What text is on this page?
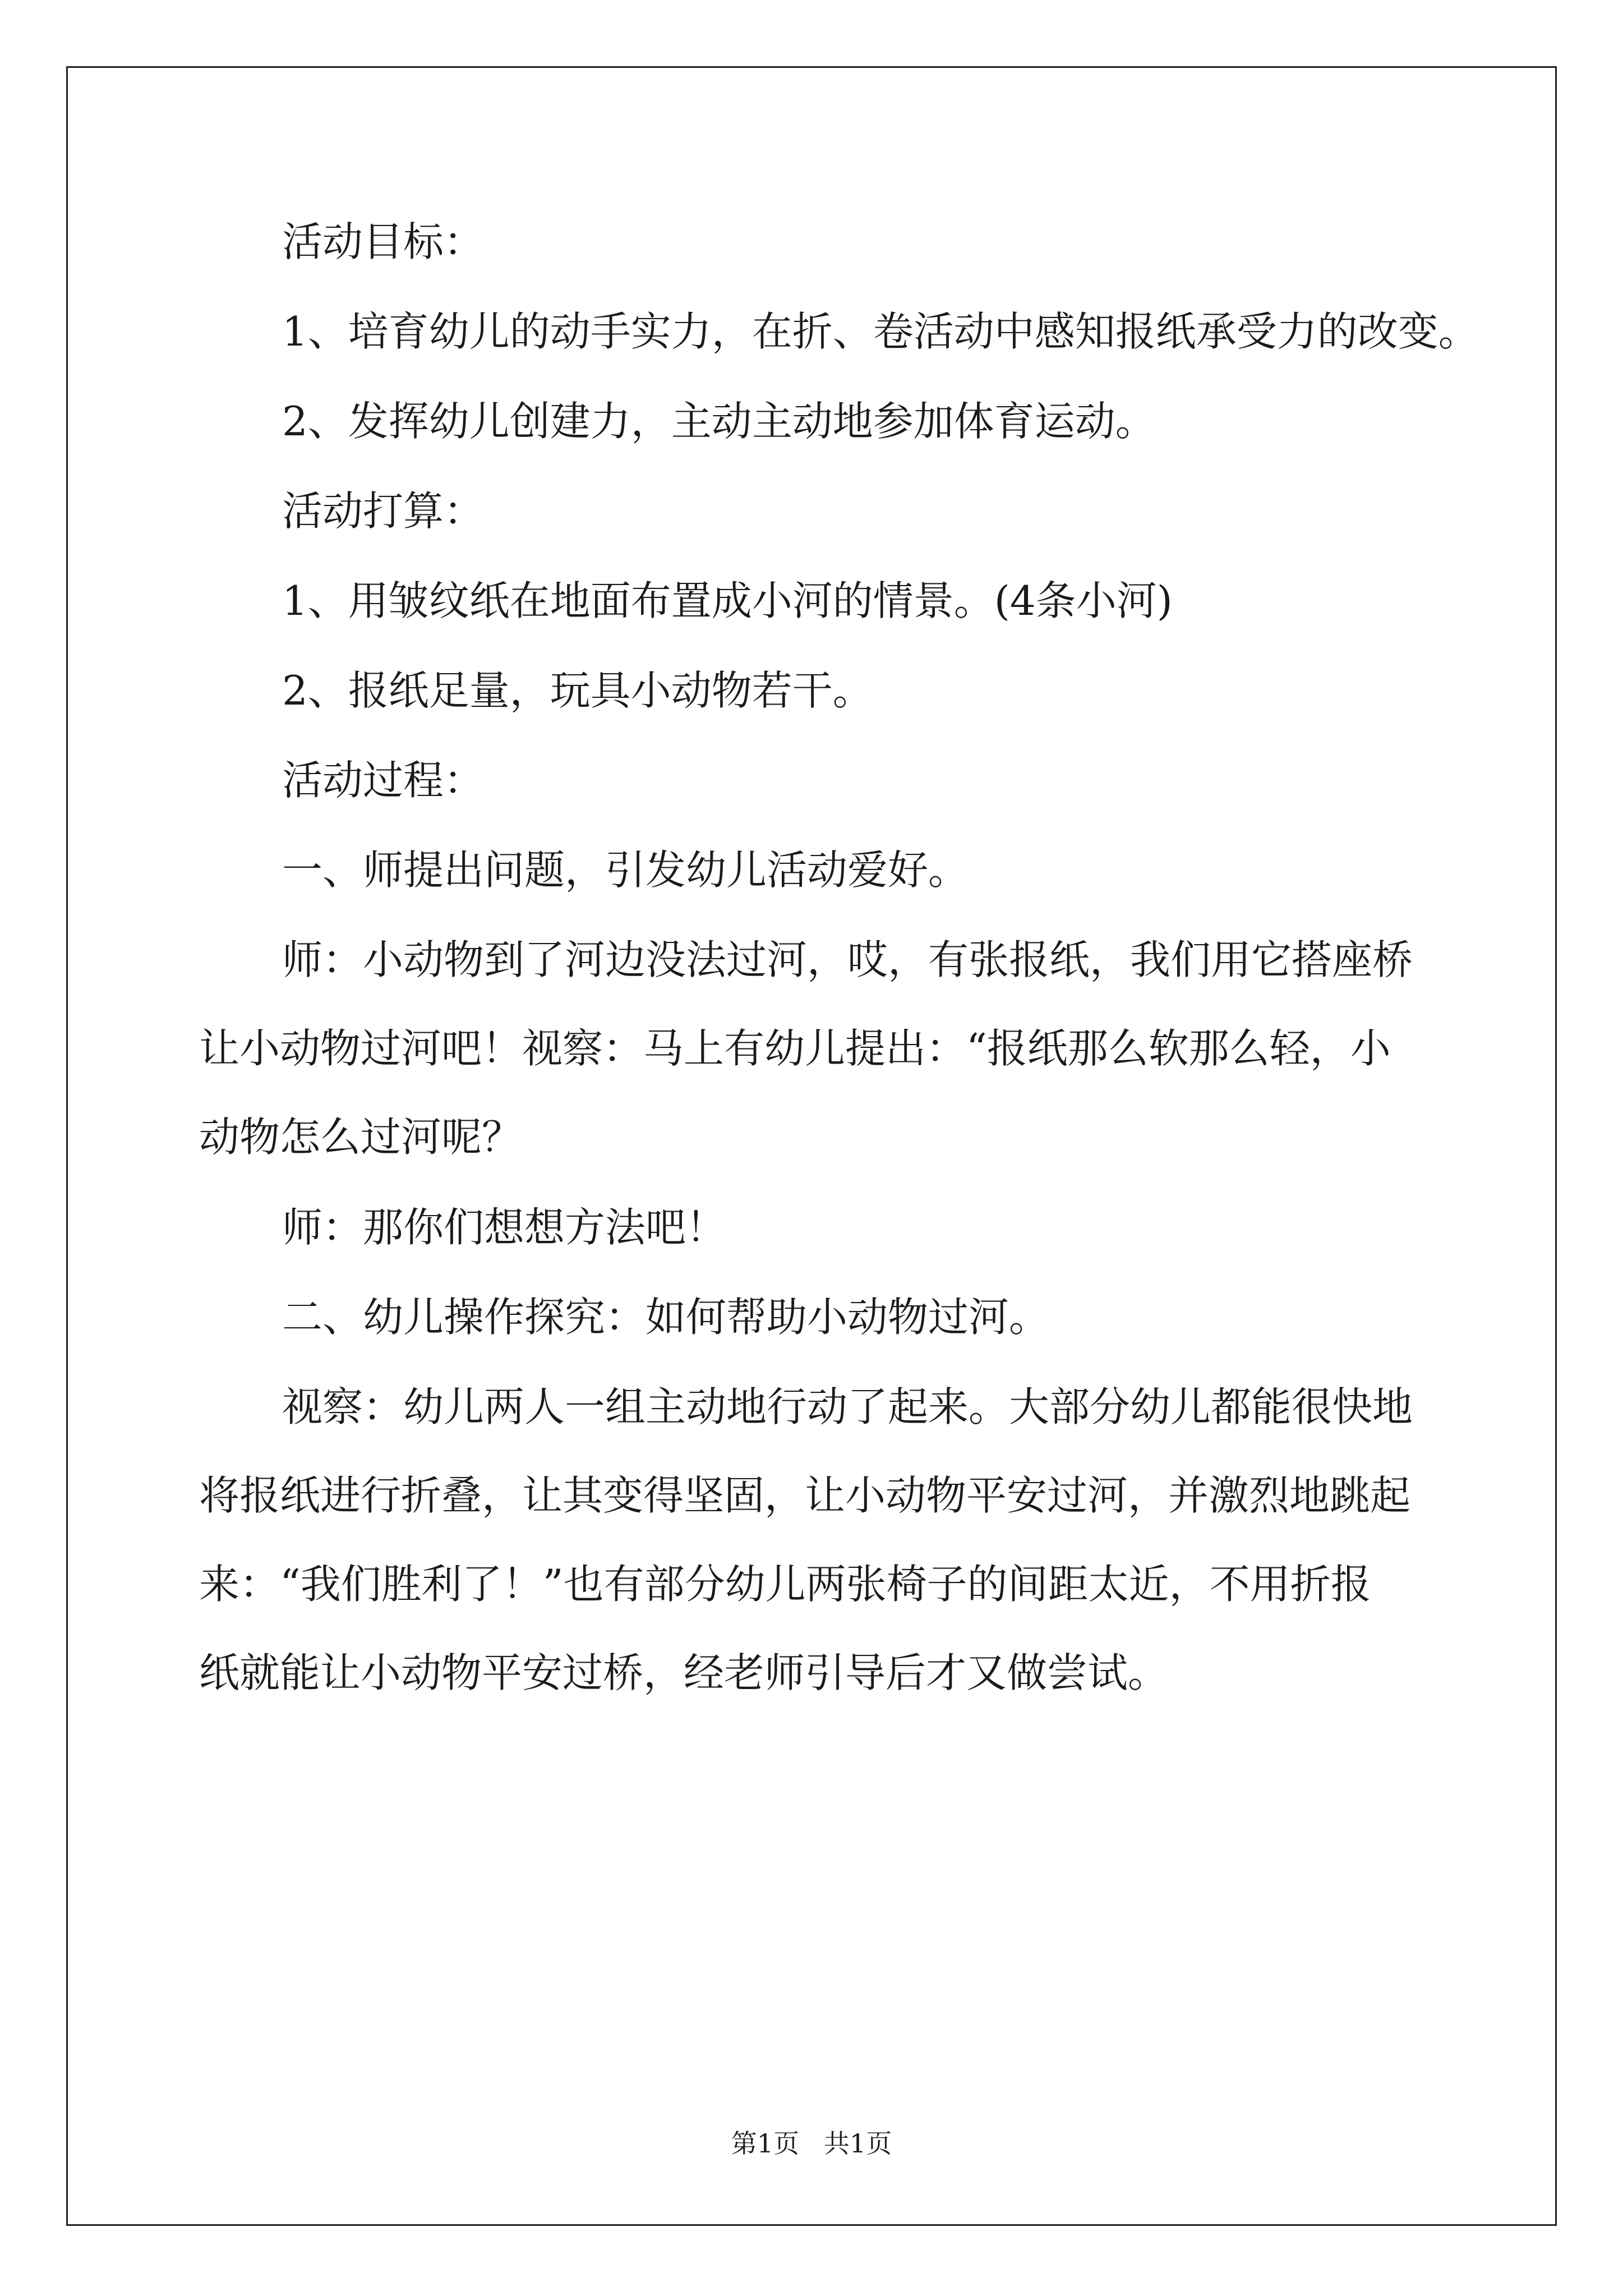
活动目标：

1、培育幼儿的动手实力，在折、卷活动中感知报纸承受力的改变。

2、发挥幼儿创建力，主动主动地参加体育运动。

活动打算：

1、用皱纹纸在地面布置成小河的情景。(4条小河)

2、报纸足量，玩具小动物若干。

活动过程：

一、师提出问题，引发幼儿活动爱好。

师：小动物到了河边没法过河，哎，有张报纸，我们用它搭座桥
让小动物过河吧！视察：马上有幼儿提出：“报纸那么软那么轻，小
动物怎么过河呢？

师：那你们想想方法吧！

二、幼儿操作探究：如何帮助小动物过河。

视察：幼儿两人一组主动地行动了起来。大部分幼儿都能很快地
将报纸进行折叠，让其变得坚固，让小动物平安过河，并激烈地跳起
来：“我们胜利了！”也有部分幼儿两张椅子的间距太近，不用折报
纸就能让小动物平安过桥，经老师引导后才又做尝试。
第1页   共1页
